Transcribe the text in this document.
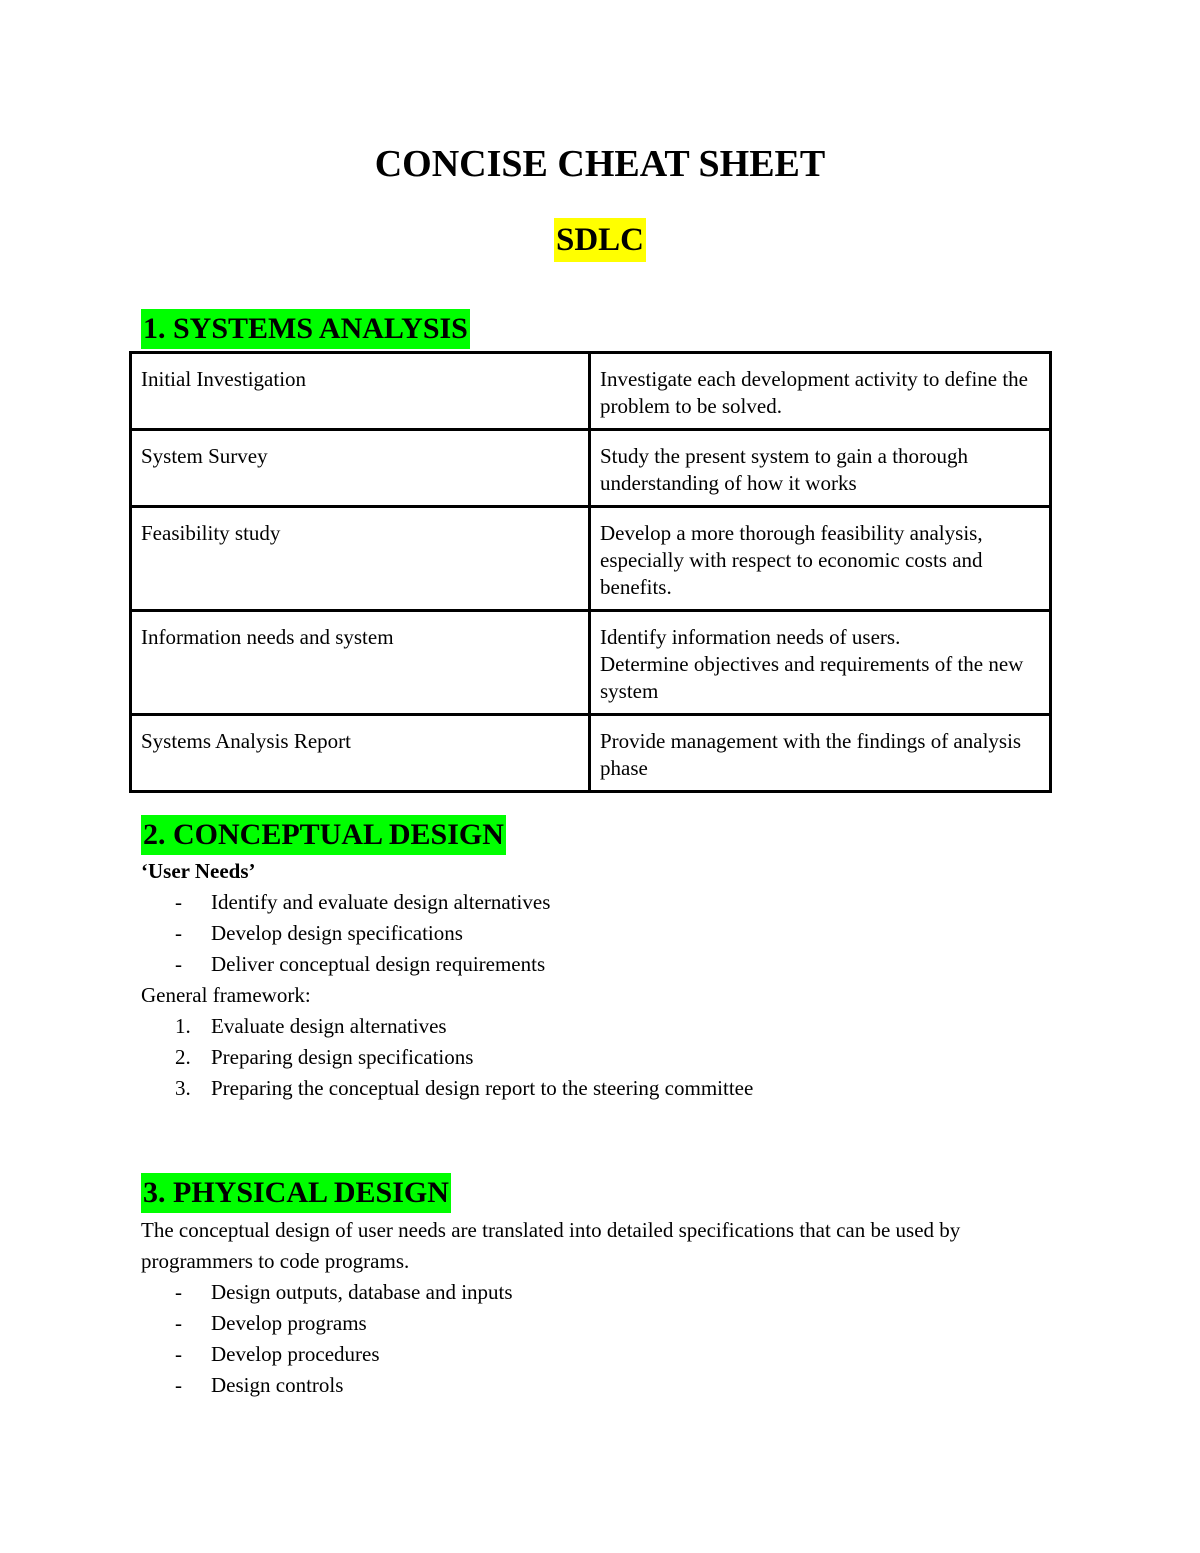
CONCISE CHEAT SHEET
SDLC
1. SYSTEMS ANALYSIS
Initial Investigation	Investigate each development activity to define the problem to be solved.
System Survey	Study the present system to gain a thorough understanding of how it works
Feasibility study	Develop a more thorough feasibility analysis, especially with respect to economic costs and benefits.
Information needs and system	Identify information needs of users.
Determine objectives and requirements of the new system

Systems Analysis Report	Provide management with the findings of analysis phase
2. CONCEPTUAL DESIGN
‘User Needs’
- Identify and evaluate design alternatives
- Develop design specifications
- Deliver conceptual design requirements
General framework:
1. Evaluate design alternatives
2. Preparing design specifications
3. Preparing the conceptual design report to the steering committee
3. PHYSICAL DESIGN

The conceptual design of user needs are translated into detailed specifications that can be used by programmers to code programs.

- Design outputs, database and inputs
- Develop programs
- Develop procedures
- Design controls
